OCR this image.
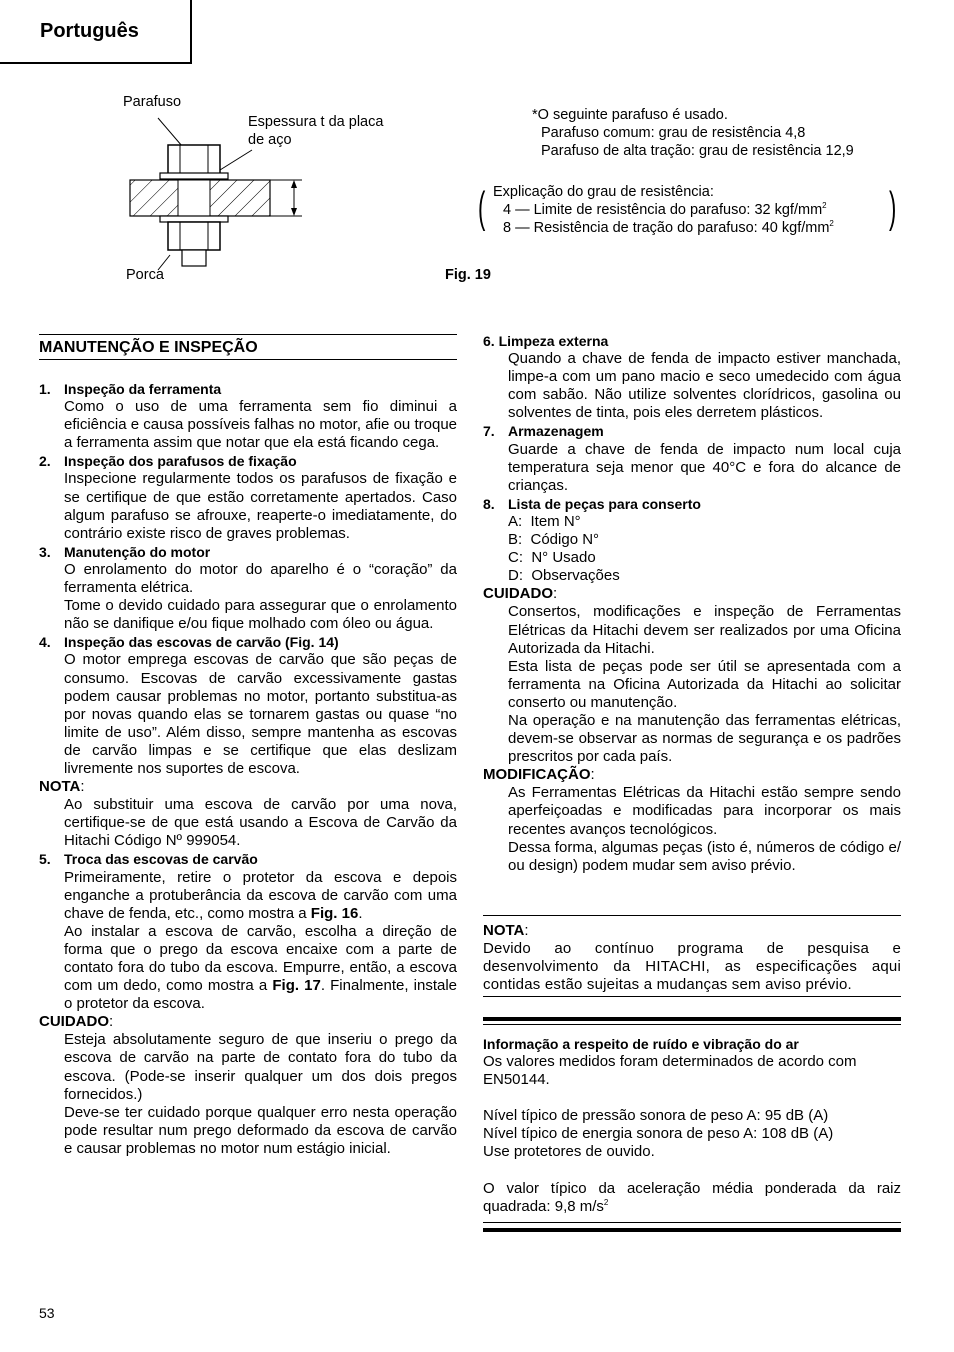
Português
Parafuso
Espessura t da placa
de aço
Porca	Fig. 19
*O seguinte parafuso é usado.
Parafuso comum: grau de resistência 4,8
Parafuso de alta tração: grau de resistência 12,9
( Explicação do grau de resistência:
4 — Limite de resistência do parafuso: 32 kgf/$mm^2$
8 — Resistência de tração do parafuso: 40 kgf/$mm^2$ )
MANUTENÇÃO E INSPEÇÃO
1. Inspeção da ferramenta
Como o uso de uma ferramenta sem fio diminui a eficiência e causa possíveis falhas no motor, afie ou troque a ferramenta assim que notar que ela está ficando cega.
2. Inspeção dos parafusos de fixação
Inspecione regularmente todos os parafusos de fixação e se certifique de que estão corretamente apertados. Caso algum parafuso se afrouxe, reaperte-o imediatamente, do contrário existe risco de graves problemas.
3. Manutenção do motor
O enrolamento do motor do aparelho é o “coração” da ferramenta elétrica.
Tome o devido cuidado para assegurar que o enrolamento não se danifique e/ou fique molhado com óleo ou água.
4. Inspeção das escovas de carvão (Fig. 14)
O motor emprega escovas de carvão que são peças de consumo. Escovas de carvão excessivamente gastas podem causar problemas no motor, portanto substitua-as por novas quando elas se tornarem gastas ou quase “no limite de uso”. Além disso, sempre mantenha as escovas de carvão limpas e se certifique que elas deslizam livremente nos suportes de escova.
NOTA:
Ao substituir uma escova de carvão por uma nova, certifique-se de que está usando a Escova de Carvão da Hitachi Código Nº 999054.
5. Troca das escovas de carvão
Primeiramente, retire o protetor da escova e depois enganche a protuberância da escova de carvão com uma chave de fenda, etc., como mostra a Fig. 16.
Ao instalar a escova de carvão, escolha a direção de forma que o prego da escova encaixe com a parte de contato fora do tubo da escova. Empurre, então, a escova com um dedo, como mostra a Fig. 17. Finalmente, instale o protetor da escova.
CUIDADO:
Esteja absolutamente seguro de que inseriu o prego da escova de carvão na parte de contato fora do tubo da escova. (Pode-se inserir qualquer um dos dois pregos fornecidos.)
Deve-se ter cuidado porque qualquer erro nesta operação pode resultar num prego deformado da escova de carvão e causar problemas no motor num estágio inicial.
6. Limpeza externa
Quando a chave de fenda de impacto estiver manchada, limpe-a com um pano macio e seco umedecido com água com sabão. Não utilize solventes clorídricos, gasolina ou solventes de tinta, pois eles derretem plásticos.
7. Armazenagem
Guarde a chave de fenda de impacto num local cuja temperatura seja menor que 40°C e fora do alcance de crianças.
8. Lista de peças para conserto
A:  Item N°
B:  Código N°
C:  N° Usado
D:  Observações
CUIDADO:
Consertos, modificações e inspeção de Ferramentas Elétricas da Hitachi devem ser realizados por uma Oficina Autorizada da Hitachi.
Esta lista de peças pode ser útil se apresentada com a ferramenta na Oficina Autorizada da Hitachi ao solicitar conserto ou manutenção.
Na operação e na manutenção das ferramentas elétricas, devem-se observar as normas de segurança e os padrões prescritos por cada país.
MODIFICAÇÃO:
As Ferramentas Elétricas da Hitachi estão sempre sendo aperfeiçoadas e modificadas para incorporar os mais recentes avanços tecnológicos.
Dessa forma, algumas peças (isto é, números de código e/ ou design) podem mudar sem aviso prévio.
NOTA:
Devido ao contínuo programa de pesquisa e desenvolvimento da HITACHI, as especificações aqui contidas estão sujeitas a mudanças sem aviso prévio.
Informação a respeito de ruído e vibração do ar
Os valores medidos foram determinados de acordo com EN50144.
Nível típico de pressão sonora de peso A: 95 dB (A)
Nível típico de energia sonora de peso A: 108 dB (A)
Use protetores de ouvido.
O valor típico da aceleração média ponderada da raiz quadrada: 9,8 $m/s^2$
53
